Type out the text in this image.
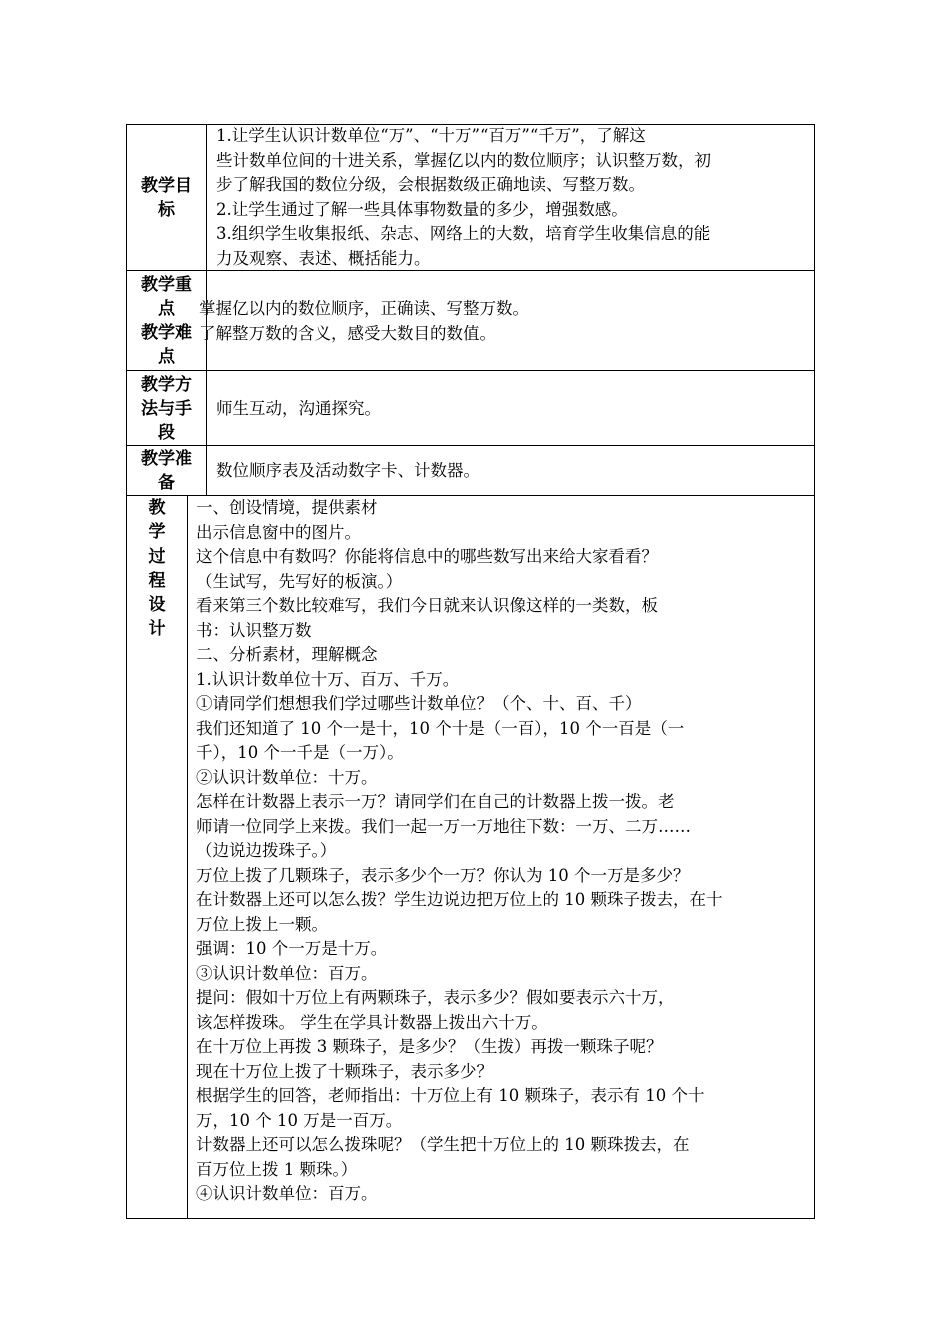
教学目
标
1.让学生认识计数单位“万”、“十万”“百万”“千万”，了解这
些计数单位间的十进关系，掌握亿以内的数位顺序；认识整万数，初
步了解我国的数位分级，会根据数级正确地读、写整万数。
2.让学生通过了解一些具体事物数量的多少，增强数感。
3.组织学生收集报纸、杂志、网络上的大数，培育学生收集信息的能
力及观察、表述、概括能力。
教学重
点
教学难
点
掌握亿以内的数位顺序，正确读、写整万数。
了解整万数的含义，感受大数目的数值。
教学方
法与手
段
师生互动，沟通探究。
教学准
备
数位顺序表及活动数字卡、计数器。
教
学
过
程
设
计
一、创设情境，提供素材
出示信息窗中的图片。
这个信息中有数吗？你能将信息中的哪些数写出来给大家看看？
（生试写，先写好的板演。）
看来第三个数比较难写，我们今日就来认识像这样的一类数，板
书：认识整万数
二、分析素材，理解概念
1.认识计数单位十万、百万、千万。
①请同学们想想我们学过哪些计数单位？（个、十、百、千）
我们还知道了 10 个一是十，10 个十是（一百），10 个一百是（一
千），10 个一千是（一万）。
②认识计数单位：十万。
怎样在计数器上表示一万？请同学们在自己的计数器上拨一拨。老
师请一位同学上来拨。我们一起一万一万地往下数：一万、二万……
（边说边拨珠子。）
万位上拨了几颗珠子，表示多少个一万？你认为 10 个一万是多少？
在计数器上还可以怎么拨？学生边说边把万位上的 10 颗珠子拨去，在十
万位上拨上一颗。
强调：10 个一万是十万。
③认识计数单位：百万。
提问：假如十万位上有两颗珠子，表示多少？假如要表示六十万，
该怎样拨珠。 学生在学具计数器上拨出六十万。
在十万位上再拨 3 颗珠子，是多少？（生拨）再拨一颗珠子呢？
现在十万位上拨了十颗珠子，表示多少？
根据学生的回答，老师指出：十万位上有 10 颗珠子，表示有 10 个十
万，10 个 10 万是一百万。
计数器上还可以怎么拨珠呢？（学生把十万位上的 10 颗珠拨去，在
百万位上拨 1 颗珠。）
④认识计数单位：百万。
